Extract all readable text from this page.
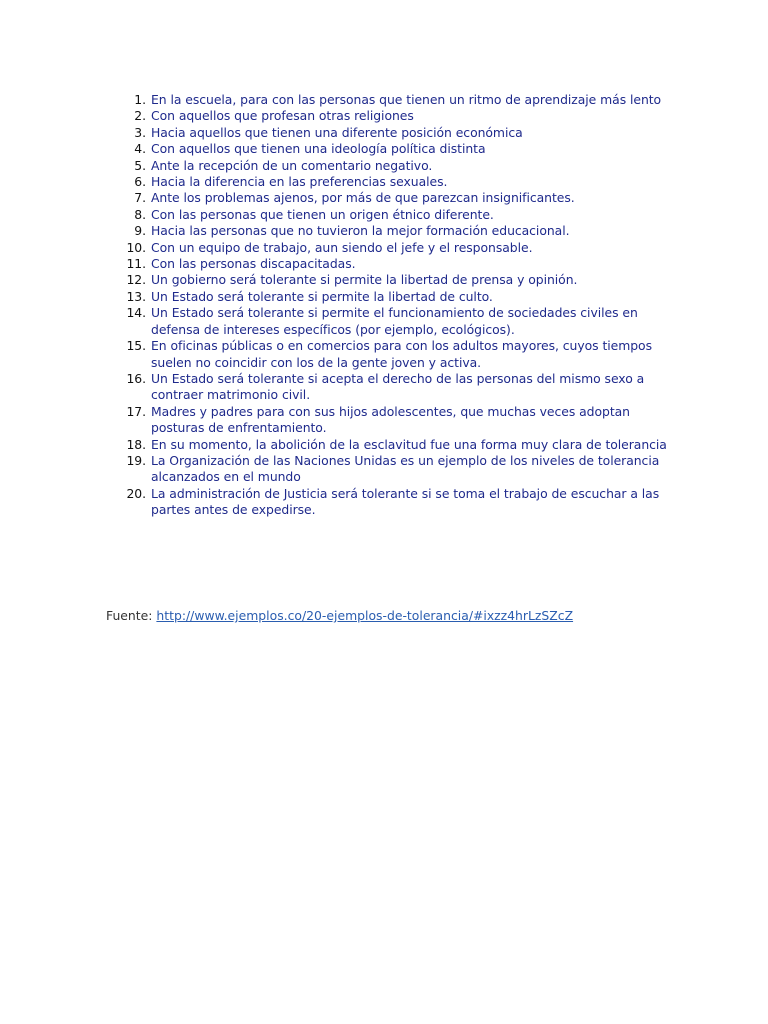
1. En la escuela, para con las personas que tienen un ritmo de aprendizaje más lento
2. Con aquellos que profesan otras religiones
3. Hacia aquellos que tienen una diferente posición económica
4. Con aquellos que tienen una ideología política distinta
5. Ante la recepción de un comentario negativo.
6. Hacia la diferencia en las preferencias sexuales.
7. Ante los problemas ajenos, por más de que parezcan insignificantes.
8. Con las personas que tienen un origen étnico diferente.
9. Hacia las personas que no tuvieron la mejor formación educacional.
10. Con un equipo de trabajo, aun siendo el jefe y el responsable.
11. Con las personas discapacitadas.
12. Un gobierno será tolerante si permite la libertad de prensa y opinión.
13. Un Estado será tolerante si permite la libertad de culto.
14. Un Estado será tolerante si permite el funcionamiento de sociedades civiles en defensa de intereses específicos (por ejemplo, ecológicos).
15. En oficinas públicas o en comercios para con los adultos mayores, cuyos tiempos suelen no coincidir con los de la gente joven y activa.
16. Un Estado será tolerante si acepta el derecho de las personas del mismo sexo a contraer matrimonio civil.
17. Madres y padres para con sus hijos adolescentes, que muchas veces adoptan posturas de enfrentamiento.
18. En su momento, la abolición de la esclavitud fue una forma muy clara de tolerancia
19. La Organización de las Naciones Unidas es un ejemplo de los niveles de tolerancia alcanzados en el mundo
20. La administración de Justicia será tolerante si se toma el trabajo de escuchar a las partes antes de expedirse.
Fuente: http://www.ejemplos.co/20-ejemplos-de-tolerancia/#ixzz4hrLzSZcZ
